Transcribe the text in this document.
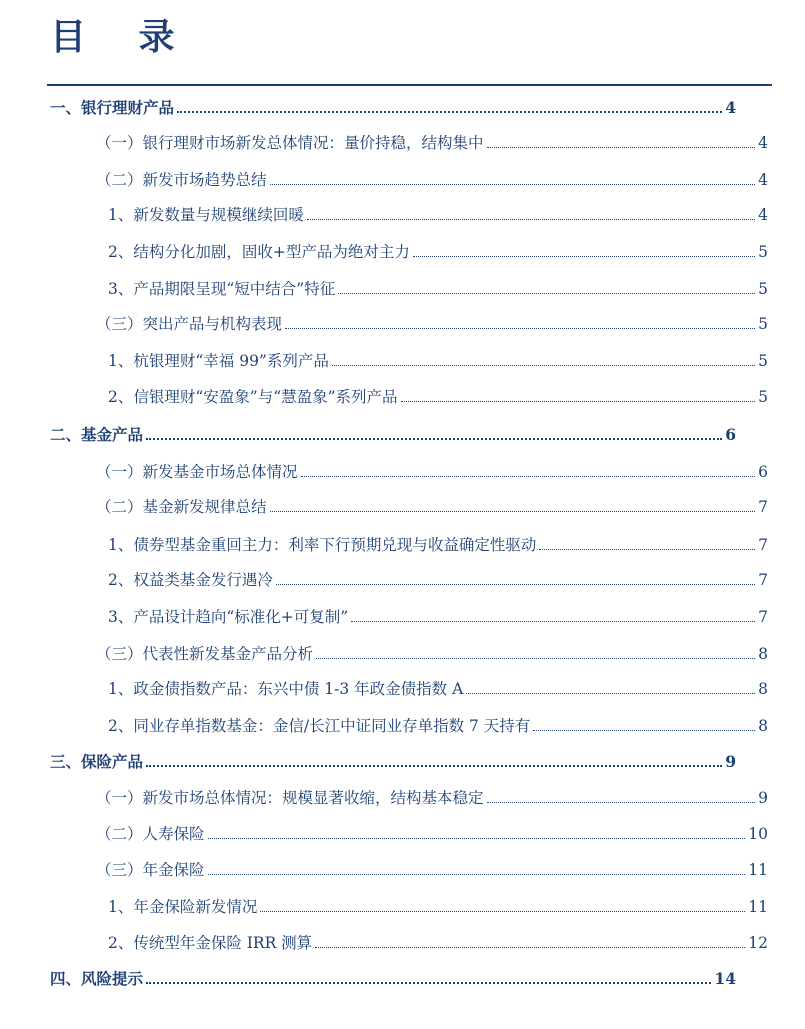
目 录
一、银行理财产品	4
（一）银行理财市场新发总体情况：量价持稳，结构集中	4
（二）新发市场趋势总结	4
1、新发数量与规模继续回暖	4
2、结构分化加剧，固收+型产品为绝对主力	5
3、产品期限呈现“短中结合”特征	5
（三）突出产品与机构表现	5
1、杭银理财“幸福 99”系列产品	5
2、信银理财“安盈象”与“慧盈象”系列产品	5
二、基金产品	6
（一）新发基金市场总体情况	6
（二）基金新发规律总结	7
1、债券型基金重回主力：利率下行预期兑现与收益确定性驱动	7
2、权益类基金发行遇冷	7
3、产品设计趋向“标准化+可复制”	7
（三）代表性新发基金产品分析	8
1、政金债指数产品：东兴中债 1-3 年政金债指数 A	8
2、同业存单指数基金：金信/长江中证同业存单指数 7 天持有	8
三、保险产品	9
（一）新发市场总体情况：规模显著收缩，结构基本稳定	9
（二）人寿保险	10
（三）年金保险	11
1、年金保险新发情况	11
2、传统型年金保险 IRR 测算	12
四、风险提示	14
